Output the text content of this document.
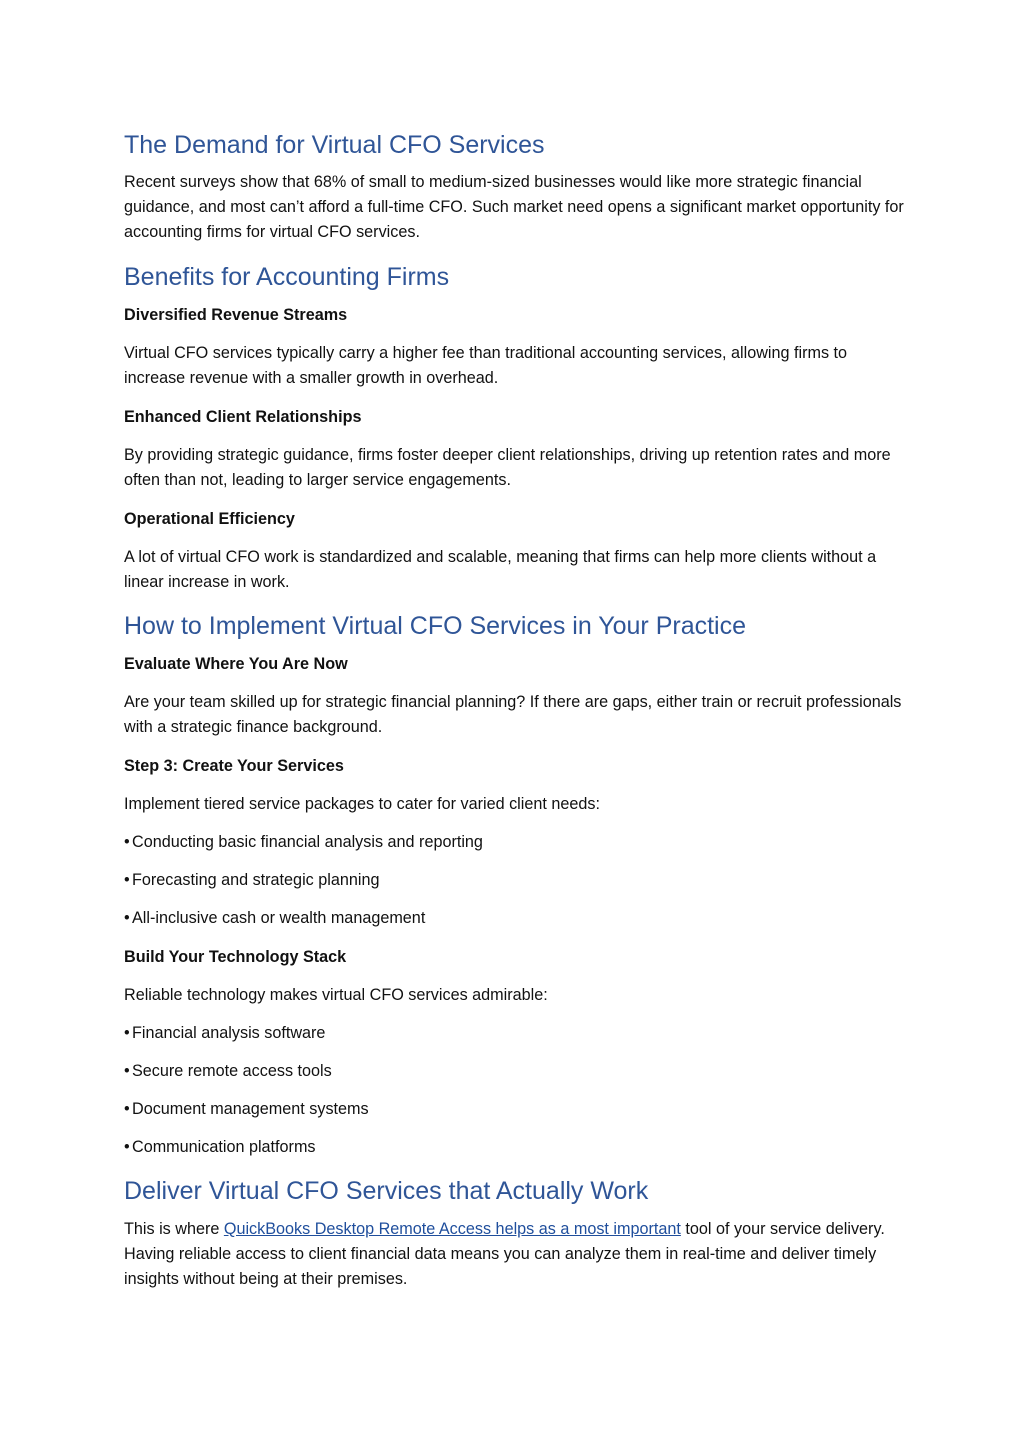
The Demand for Virtual CFO Services

Recent surveys show that 68% of small to medium-sized businesses would like more strategic financial guidance, and most can’t afford a full-time CFO. Such market need opens a significant market opportunity for accounting firms for virtual CFO services.

Benefits for Accounting Firms
Diversified Revenue Streams

Virtual CFO services typically carry a higher fee than traditional accounting services, allowing firms to increase revenue with a smaller growth in overhead.

Enhanced Client Relationships

By providing strategic guidance, firms foster deeper client relationships, driving up retention rates and more often than not, leading to larger service engagements.

Operational Efficiency

A lot of virtual CFO work is standardized and scalable, meaning that firms can help more clients without a linear increase in work.

How to Implement Virtual CFO Services in Your Practice
Evaluate Where You Are Now

Are your team skilled up for strategic financial planning? If there are gaps, either train or recruit professionals with a strategic finance background.

Step 3: Create Your Services

Implement tiered service packages to cater for varied client needs:

• Conducting basic financial analysis and reporting
• Forecasting and strategic planning
• All-inclusive cash or wealth management
Build Your Technology Stack

Reliable technology makes virtual CFO services admirable:

• Financial analysis software
• Secure remote access tools
• Document management systems
• Communication platforms
Deliver Virtual CFO Services that Actually Work

This is where QuickBooks Desktop Remote Access helps as a most important tool of your service delivery. Having reliable access to client financial data means you can analyze them in real-time and deliver timely insights without being at their premises.
